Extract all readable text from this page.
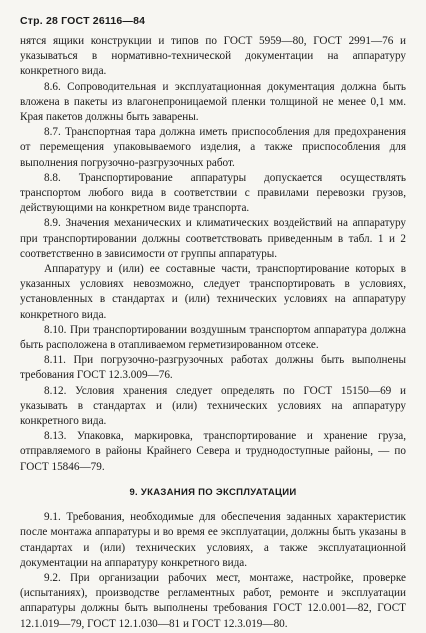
Стр. 28 ГОСТ 26116—84

нятся ящики конструкции и типов по ГОСТ 5959—80, ГОСТ 2991—76 и указываться в нормативно-технической документации на аппаратуру конкретного вида.

8.6. Сопроводительная и эксплуатационная документация должна быть вложена в пакеты из влагонепроницаемой пленки толщиной не менее 0,1 мм. Края пакетов должны быть заварены.

8.7. Транспортная тара должна иметь приспособления для предохранения от перемещения упаковываемого изделия, а также приспособления для выполнения погрузочно-разгрузочных работ.

8.8. Транспортирование аппаратуры допускается осуществлять транспортом любого вида в соответствии с правилами перевозки грузов, действующими на конкретном виде транспорта.

8.9. Значения механических и климатических воздействий на аппаратуру при транспортировании должны соответствовать приведенным в табл. 1 и 2 соответственно в зависимости от группы аппаратуры.

Аппаратуру и (или) ее составные части, транспортирование которых в указанных условиях невозможно, следует транспортировать в условиях, установленных в стандартах и (или) технических условиях на аппаратуру конкретного вида.

8.10. При транспортировании воздушным транспортом аппаратура должна быть расположена в отапливаемом герметизированном отсеке.

8.11. При погрузочно-разгрузочных работах должны быть выполнены требования ГОСТ 12.3.009—76.

8.12. Условия хранения следует определять по ГОСТ 15150—69 и указывать в стандартах и (или) технических условиях на аппаратуру конкретного вида.

8.13. Упаковка, маркировка, транспортирование и хранение груза, отправляемого в районы Крайнего Севера и труднодоступные районы, — по ГОСТ 15846—79.

9. УКАЗАНИЯ ПО ЭКСПЛУАТАЦИИ

9.1. Требования, необходимые для обеспечения заданных характеристик после монтажа аппаратуры и во время ее эксплуатации, должны быть указаны в стандартах и (или) технических условиях, а также эксплуатационной документации на аппаратуру конкретного вида.

9.2. При организации рабочих мест, монтаже, настройке, проверке (испытаниях), производстве регламентных работ, ремонте и эксплуатации аппаратуры должны быть выполнены требования ГОСТ 12.0.001—82, ГОСТ 12.1.019—79, ГОСТ 12.1.030—81 и ГОСТ 12.3.019—80.
